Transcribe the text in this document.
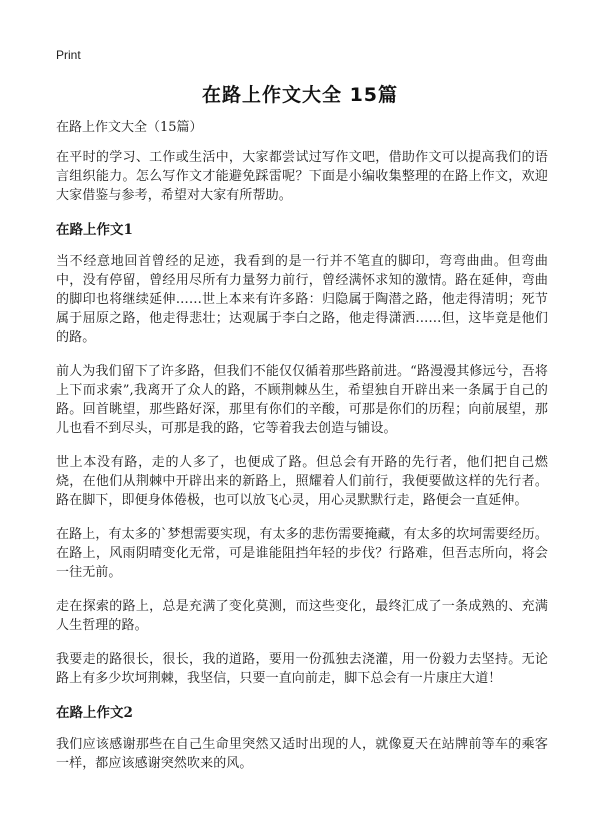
Print
在路上作文大全 15篇

在路上作文大全（15篇）

在平时的学习、工作或生活中，大家都尝试过写作文吧，借助作文可以提高我们的语言组织能力。怎么写作文才能避免踩雷呢？下面是小编收集整理的在路上作文，欢迎大家借鉴与参考，希望对大家有所帮助。

在路上作文1

当不经意地回首曾经的足迹，我看到的是一行并不笔直的脚印，弯弯曲曲。但弯曲中，没有停留，曾经用尽所有力量努力前行，曾经满怀求知的激情。路在延伸，弯曲的脚印也将继续延伸……世上本来有许多路：归隐属于陶潜之路，他走得清明；死节属于屈原之路，他走得悲壮；达观属于李白之路，他走得潇洒……但，这毕竟是他们的路。

前人为我们留下了许多路，但我们不能仅仅循着那些路前进。“路漫漫其修远兮，吾将上下而求索”,我离开了众人的路，不顾荆棘丛生，希望独自开辟出来一条属于自己的路。回首眺望，那些路好深，那里有你们的辛酸，可那是你们的历程；向前展望，那儿也看不到尽头，可那是我的路，它等着我去创造与铺设。

世上本没有路，走的人多了，也便成了路。但总会有开路的先行者，他们把自己燃烧，在他们从荆棘中开辟出来的新路上，照耀着人们前行，我便要做这样的先行者。路在脚下，即便身体倦极，也可以放飞心灵，用心灵默默行走，路便会一直延伸。

在路上，有太多的`梦想需要实现，有太多的悲伤需要掩藏，有太多的坎坷需要经历。在路上，风雨阴晴变化无常，可是谁能阻挡年轻的步伐？行路难，但吾志所向，将会一往无前。

走在探索的路上，总是充满了变化莫测，而这些变化，最终汇成了一条成熟的、充满人生哲理的路。

我要走的路很长，很长，我的道路，要用一份孤独去浇灌，用一份毅力去坚持。无论路上有多少坎坷荆棘，我坚信，只要一直向前走，脚下总会有一片康庄大道！

在路上作文2

我们应该感谢那些在自己生命里突然又适时出现的人，就像夏天在站牌前等车的乘客一样，都应该感谢突然吹来的风。
